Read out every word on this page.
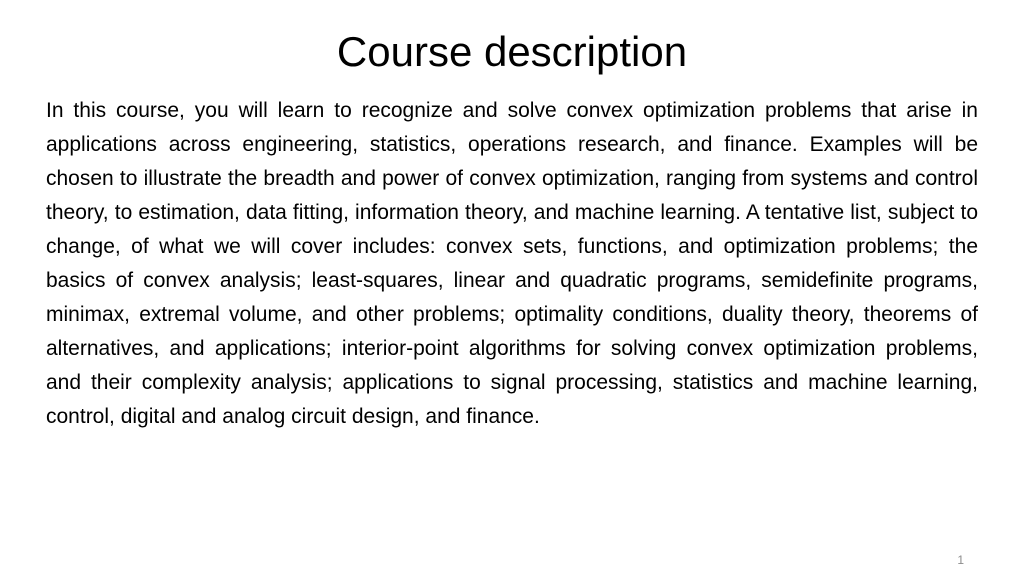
Course description

In this course, you will learn to recognize and solve convex optimization problems that arise in applications across engineering, statistics, operations research, and finance. Examples will be chosen to illustrate the breadth and power of convex optimization, ranging from systems and control theory, to estimation, data fitting, information theory, and machine learning. A tentative list, subject to change, of what we will cover includes: convex sets, functions, and optimization problems; the basics of convex analysis; least-squares, linear and quadratic programs, semidefinite programs, minimax, extremal volume, and other problems; optimality conditions, duality theory, theorems of alternatives, and applications; interior-point algorithms for solving convex optimization problems, and their complexity analysis; applications to signal processing, statistics and machine learning, control, digital and analog circuit design, and finance.

1
